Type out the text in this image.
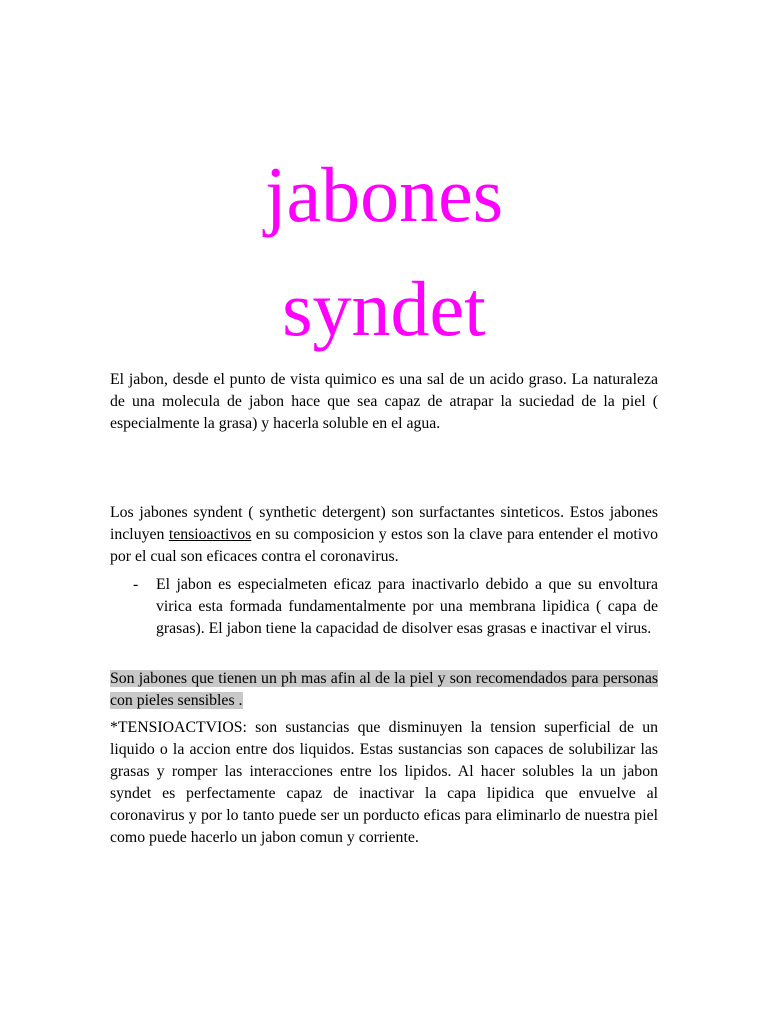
jabones
syndet

El jabon, desde el punto de vista quimico es una sal de un acido graso. La naturaleza de una molecula de jabon hace que sea capaz de atrapar la suciedad de la piel ( especialmente la grasa) y hacerla soluble en el agua.

Los jabones syndent ( synthetic detergent) son surfactantes sinteticos. Estos jabones incluyen tensioactivos en su composicion y estos son la clave para entender el motivo por el cual son eficaces contra el coronavirus.

- El jabon es especialmeten eficaz para inactivarlo debido a que su envoltura virica esta formada fundamentalmente por una membrana lipidica ( capa de grasas). El jabon tiene la capacidad de disolver esas grasas e inactivar el virus.

Son jabones que tienen un ph mas afin al de la piel y son recomendados para personas con pieles sensibles .

*TENSIOACTVIOS: son sustancias que disminuyen la tension superficial de un liquido o la accion entre dos liquidos. Estas sustancias son capaces de solubilizar las grasas y romper las interacciones entre los lipidos. Al hacer solubles la un jabon syndet es perfectamente capaz de inactivar la capa lipidica que envuelve al coronavirus y por lo tanto puede ser un porducto eficas para eliminarlo de nuestra piel como puede hacerlo un jabon comun y corriente.
